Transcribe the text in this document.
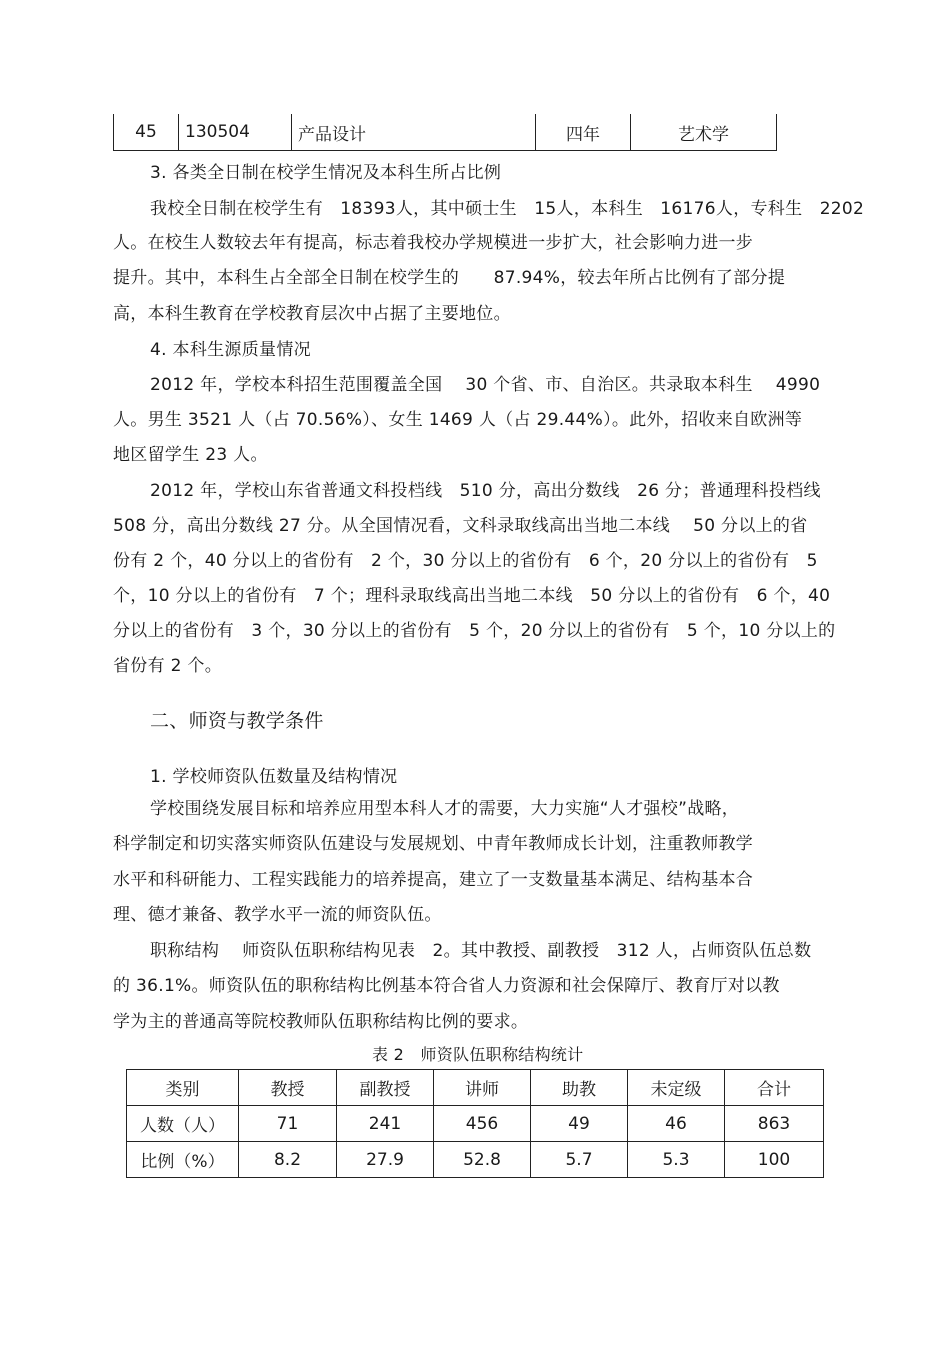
45	130504	产品设计	四年	艺术学
3. 各类全日制在校学生情况及本科生所占比例
我校全日制在校学生有　18393人，其中硕士生　15人，本科生　16176人，专科生　2202
人。在校生人数较去年有提高，标志着我校办学规模进一步扩大，社会影响力进一步
提升。其中，本科生占全部全日制在校学生的　　87.94%，较去年所占比例有了部分提
高，本科生教育在学校教育层次中占据了主要地位。
4. 本科生源质量情况
2012 年，学校本科招生范围覆盖全国　 30 个省、市、自治区。共录取本科生　 4990
人。男生 3521 人（占 70.56%）、女生 1469 人（占 29.44%）。此外，招收来自欧洲等
地区留学生 23 人。
2012 年，学校山东省普通文科投档线　510 分，高出分数线　26 分；普通理科投档线
508 分，高出分数线 27 分。从全国情况看，文科录取线高出当地二本线　 50 分以上的省
份有 2 个，40 分以上的省份有　2 个，30 分以上的省份有　6 个，20 分以上的省份有　5
个，10 分以上的省份有　7 个；理科录取线高出当地二本线　50 分以上的省份有　6 个，40
分以上的省份有　3 个，30 分以上的省份有　5 个，20 分以上的省份有　5 个，10 分以上的
省份有 2 个。
二、师资与教学条件
1. 学校师资队伍数量及结构情况
学校围绕发展目标和培养应用型本科人才的需要，大力实施“人才强校”战略，
科学制定和切实落实师资队伍建设与发展规划、中青年教师成长计划，注重教师教学
水平和科研能力、工程实践能力的培养提高，建立了一支数量基本满足、结构基本合
理、德才兼备、教学水平一流的师资队伍。
职称结构　 师资队伍职称结构见表　2。其中教授、副教授　312 人，占师资队伍总数
的 36.1%。师资队伍的职称结构比例基本符合省人力资源和社会保障厅、教育厅对以教
学为主的普通高等院校教师队伍职称结构比例的要求。
表 2　师资队伍职称结构统计
类别	教授	副教授	讲师	助教	未定级	合计
人数（人）	71	241	456	49	46	863
比例（%）	8.2	27.9	52.8	5.7	5.3	100
